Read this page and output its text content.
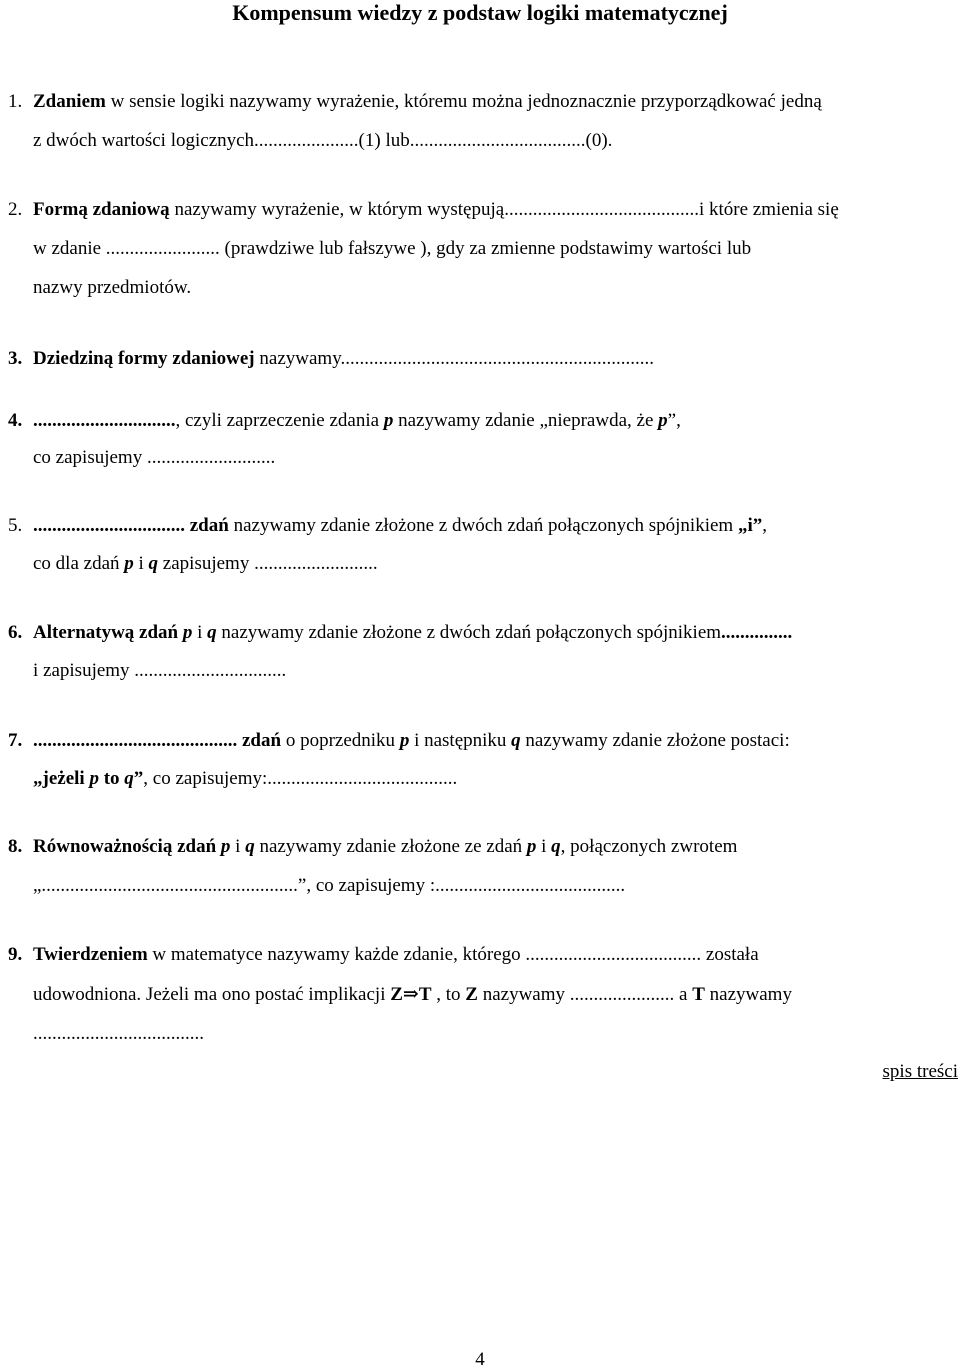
Kompensum wiedzy z podstaw logiki matematycznej
1. Zdaniem w sensie logiki nazywamy wyrażenie, któremu można jednoznacznie przyporządkować jedną
z dwóch wartości logicznych......................(1) lub.....................................(0).
2. Formą zdaniową nazywamy wyrażenie, w którym występują.........................................i które zmienia się
w zdanie ........................ (prawdziwe lub fałszywe ), gdy za zmienne podstawimy wartości lub
nazwy przedmiotów.
3. Dziedziną formy zdaniowej nazywamy..................................................................
4. .............................., czyli zaprzeczenie zdania p nazywamy zdanie „nieprawda, że p”,
co zapisujemy ...........................
5. ................................ zdań nazywamy zdanie złożone z dwóch zdań połączonych spójnikiem „i”,
co dla zdań p i q zapisujemy ..........................
6. Alternatywą zdań p i q nazywamy zdanie złożone z dwóch zdań połączonych spójnikiem...............
i zapisujemy ................................
7. ........................................... zdań o poprzedniku p i następniku q nazywamy zdanie złożone postaci:
„jeżeli p to q”, co zapisujemy:........................................
8. Równoważnością zdań p i q nazywamy zdanie złożone ze zdań p i q, połączonych zwrotem
„......................................................”, co zapisujemy :........................................
9. Twierdzeniem w matematyce nazywamy każde zdanie, którego ..................................... została
udowodniona. Jeżeli ma ono postać implikacji Z⇒T , to Z nazywamy ...................... a T nazywamy
....................................
spis treści
4
